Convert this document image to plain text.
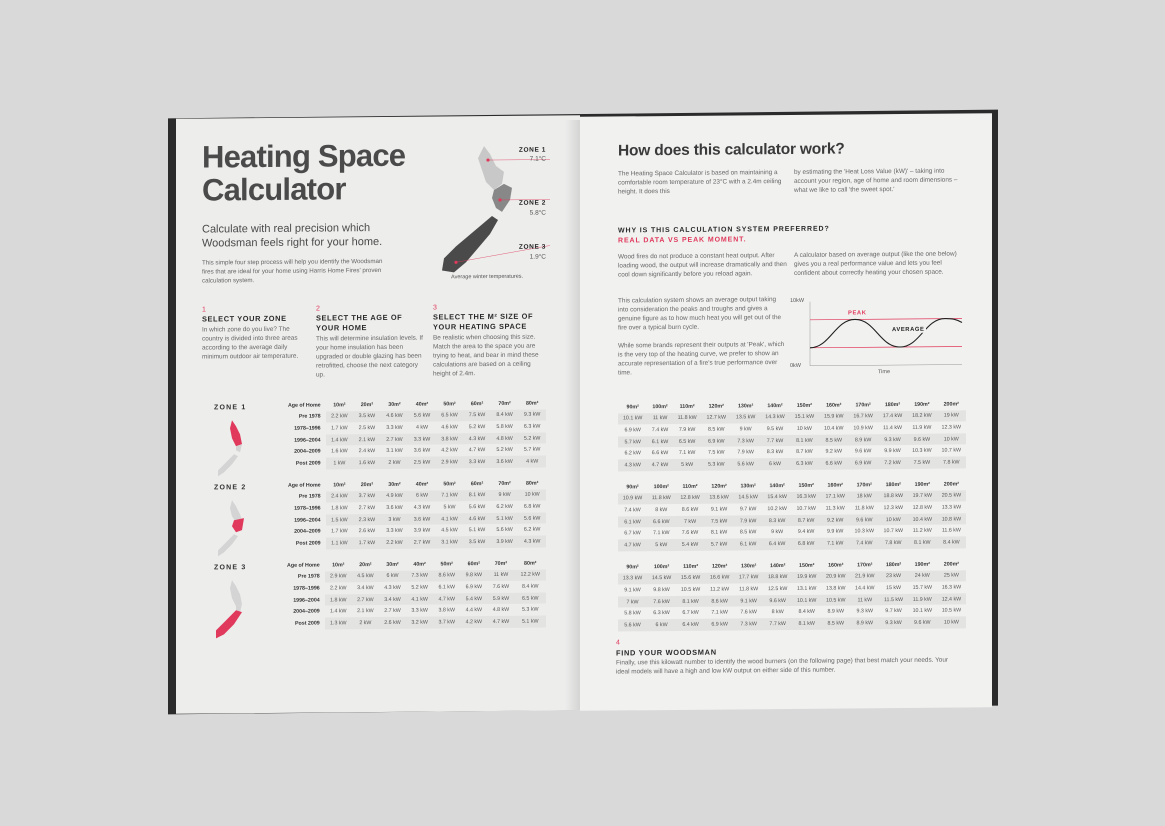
Heating Space
Calculator
Calculate with real precision which Woodsman feels right for your home.
This simple four step process will help you identify the Woodsman fires that are ideal for your home using Harris Home Fires' proven calculation system.
ZONE 1
7.1°C
ZONE 2
5.8°C
ZONE 3
1.9°C
Average winter temperatures.
1
SELECT YOUR ZONE
In which zone do you live? The country is divided into three areas according to the average daily minimum outdoor air temperature.
2
SELECT THE AGE OF YOUR HOME
This will determine insulation levels. If your home insulation has been upgraded or double glazing has been retrofitted, choose the next category up.
3
SELECT THE M² SIZE OF YOUR HEATING SPACE
Be realistic when choosing this size. Match the area to the space you are trying to heat, and bear in mind these calculations are based on a ceiling height of 2.4m.
ZONE 1
ZONE 2
ZONE 3
Age of Home	10m²	20m²	30m²	40m²	50m²	60m²	70m²	80m²
Pre 1978	2.2 kW	3.5 kW	4.6 kW	5.6 kW	6.5 kW	7.5 kW	8.4 kW	9.3 kW
1978–1996	1.7 kW	2.5 kW	3.3 kW	4 kW	4.6 kW	5.2 kW	5.8 kW	6.3 kW
1996–2004	1.4 kW	2.1 kW	2.7 kW	3.3 kW	3.8 kW	4.3 kW	4.8 kW	5.2 kW
2004–2009	1.6 kW	2.4 kW	3.1 kW	3.6 kW	4.2 kW	4.7 kW	5.2 kW	5.7 kW
Post 2009	1 kW	1.6 kW	2 kW	2.5 kW	2.9 kW	3.3 kW	3.6 kW	4 kW
Age of Home	10m²	20m²	30m²	40m²	50m²	60m²	70m²	80m²
Pre 1978	2.4 kW	3.7 kW	4.9 kW	6 kW	7.1 kW	8.1 kW	9 kW	10 kW
1978–1996	1.8 kW	2.7 kW	3.6 kW	4.3 kW	5 kW	5.6 kW	6.2 kW	6.8 kW
1996–2004	1.5 kW	2.3 kW	3 kW	3.6 kW	4.1 kW	4.6 kW	5.1 kW	5.6 kW
2004–2009	1.7 kW	2.6 kW	3.3 kW	3.9 kW	4.5 kW	5.1 kW	5.6 kW	6.2 kW
Post 2009	1.1 kW	1.7 kW	2.2 kW	2.7 kW	3.1 kW	3.5 kW	3.9 kW	4.3 kW
Age of Home	10m²	20m²	30m²	40m²	50m²	60m²	70m²	80m²
Pre 1978	2.9 kW	4.5 kW	6 kW	7.3 kW	8.6 kW	9.8 kW	11 kW	12.2 kW
1978–1996	2.2 kW	3.4 kW	4.3 kW	5.2 kW	6.1 kW	6.9 kW	7.6 kW	8.4 kW
1996–2004	1.8 kW	2.7 kW	3.4 kW	4.1 kW	4.7 kW	5.4 kW	5.9 kW	6.5 kW
2004–2009	1.4 kW	2.1 kW	2.7 kW	3.3 kW	3.8 kW	4.4 kW	4.8 kW	5.3 kW
Post 2009	1.3 kW	2 kW	2.6 kW	3.2 kW	3.7 kW	4.2 kW	4.7 kW	5.1 kW
How does this calculator work?
The Heating Space Calculator is based on maintaining a comfortable room temperature of 23°C with a 2.4m ceiling height. It does this
by estimating the 'Heat Loss Value (kW)' – taking into account your region, age of home and room dimensions – what we like to call 'the sweet spot.'
WHY IS THIS CALCULATION SYSTEM PREFERRED?
REAL DATA VS PEAK MOMENT.
Wood fires do not produce a constant heat output. After loading wood, the output will increase dramatically and then cool down significantly before you reload again.
This calculation system shows an average output taking into consideration the peaks and troughs and gives a genuine figure as to how much heat you will get out of the fire over a typical burn cycle.
While some brands represent their outputs at 'Peak', which is the very top of the heating curve, we prefer to show an accurate representation of a fire's true performance over time.
A calculator based on average output (like the one below) gives you a real performance value and lets you feel confident about correctly heating your chosen space.
10kW
0kW
Time
PEAK
AVERAGE
90m²	100m²	110m²	120m²	130m²	140m²	150m²	160m²	170m²	180m²	190m²	200m²
10.1 kW	11 kW	11.8 kW	12.7 kW	13.5 kW	14.3 kW	15.1 kW	15.9 kW	16.7 kW	17.4 kW	18.2 kW	19 kW
6.9 kW	7.4 kW	7.9 kW	8.5 kW	9 kW	9.5 kW	10 kW	10.4 kW	10.9 kW	11.4 kW	11.9 kW	12.3 kW
5.7 kW	6.1 kW	6.5 kW	6.9 kW	7.3 kW	7.7 kW	8.1 kW	8.5 kW	8.9 kW	9.3 kW	9.6 kW	10 kW
6.2 kW	6.6 kW	7.1 kW	7.5 kW	7.9 kW	8.3 kW	8.7 kW	9.2 kW	9.6 kW	9.9 kW	10.3 kW	10.7 kW
4.3 kW	4.7 kW	5 kW	5.3 kW	5.6 kW	6 kW	6.3 kW	6.6 kW	6.9 kW	7.2 kW	7.5 kW	7.8 kW
90m²	100m²	110m²	120m²	130m²	140m²	150m²	160m²	170m²	180m²	190m²	200m²
10.9 kW	11.8 kW	12.8 kW	13.6 kW	14.5 kW	15.4 kW	16.3 kW	17.1 kW	18 kW	18.8 kW	19.7 kW	20.5 kW
7.4 kW	8 kW	8.6 kW	9.1 kW	9.7 kW	10.2 kW	10.7 kW	11.3 kW	11.8 kW	12.3 kW	12.8 kW	13.3 kW
6.1 kW	6.6 kW	7 kW	7.5 kW	7.9 kW	8.3 kW	8.7 kW	9.2 kW	9.6 kW	10 kW	10.4 kW	10.8 kW
6.7 kW	7.1 kW	7.6 kW	8.1 kW	8.5 kW	9 kW	9.4 kW	9.9 kW	10.3 kW	10.7 kW	11.2 kW	11.6 kW
4.7 kW	5 kW	5.4 kW	5.7 kW	6.1 kW	6.4 kW	6.8 kW	7.1 kW	7.4 kW	7.8 kW	8.1 kW	8.4 kW
90m²	100m²	110m²	120m²	130m²	140m²	150m²	160m²	170m²	180m²	190m²	200m²
13.3 kW	14.5 kW	15.6 kW	16.6 kW	17.7 kW	18.8 kW	19.9 kW	20.9 kW	21.9 kW	23 kW	24 kW	25 kW
9.1 kW	9.8 kW	10.5 kW	11.2 kW	11.8 kW	12.5 kW	13.1 kW	13.8 kW	14.4 kW	15 kW	15.7 kW	16.3 kW
7 kW	7.6 kW	8.1 kW	8.6 kW	9.1 kW	9.6 kW	10.1 kW	10.5 kW	11 kW	11.5 kW	11.9 kW	12.4 kW
5.8 kW	6.3 kW	6.7 kW	7.1 kW	7.6 kW	8 kW	8.4 kW	8.9 kW	9.3 kW	9.7 kW	10.1 kW	10.5 kW
5.6 kW	6 kW	6.4 kW	6.9 kW	7.3 kW	7.7 kW	8.1 kW	8.5 kW	8.9 kW	9.3 kW	9.6 kW	10 kW
4
FIND YOUR WOODSMAN
Finally, use this kilowatt number to identify the wood burners (on the following page) that best match your needs. Your ideal models will have a high and low kW output on either side of this number.
